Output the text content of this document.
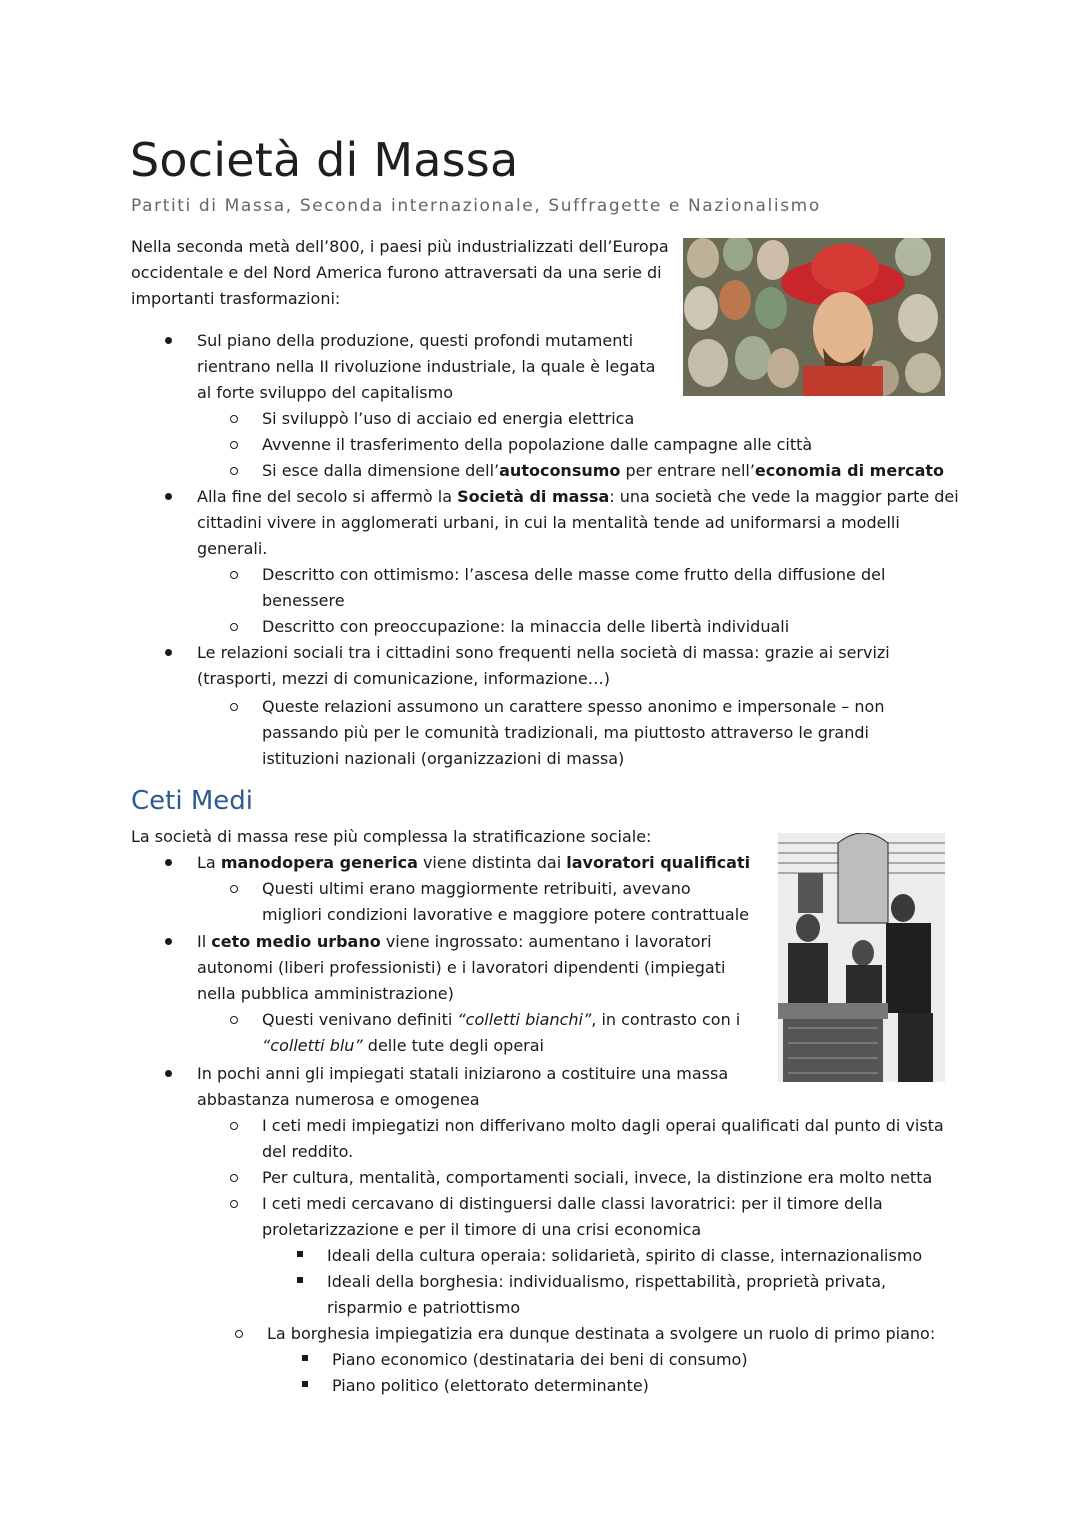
Società di Massa

Partiti di Massa, Seconda internazionale, Suffragette e Nazionalismo

Nella seconda metà dell’800, i paesi più industrializzati dell’Europa occidentale e del Nord America furono attraversati da una serie di importanti trasformazioni:

Sul piano della produzione, questi profondi mutamenti
rientrano nella II rivoluzione industriale, la quale è legata
al forte sviluppo del capitalismo
Si sviluppò l’uso di acciaio ed energia elettrica
Avvenne il trasferimento della popolazione dalle campagne alle città
Si esce dalla dimensione dell’autoconsumo per entrare nell’economia di mercato
Alla fine del secolo si affermò la Società di massa: una società che vede la maggior parte dei
cittadini vivere in agglomerati urbani, in cui la mentalità tende ad uniformarsi a modelli
generali.
Descritto con ottimismo: l’ascesa delle masse come frutto della diffusione del
benessere
Descritto con preoccupazione: la minaccia delle libertà individuali
Le relazioni sociali tra i cittadini sono frequenti nella società di massa: grazie ai servizi
(trasporti, mezzi di comunicazione, informazione…)
Queste relazioni assumono un carattere spesso anonimo e impersonale – non
passando più per le comunità tradizionali, ma piuttosto attraverso le grandi
istituzioni nazionali (organizzazioni di massa)
Ceti Medi

La società di massa rese più complessa la stratificazione sociale:

La manodopera generica viene distinta dai lavoratori qualificati
Questi ultimi erano maggiormente retribuiti, avevano
migliori condizioni lavorative e maggiore potere contrattuale
Il ceto medio urbano viene ingrossato: aumentano i lavoratori
autonomi (liberi professionisti) e i lavoratori dipendenti (impiegati
nella pubblica amministrazione)
Questi venivano definiti “colletti bianchi”, in contrasto con i
“colletti blu” delle tute degli operai
In pochi anni gli impiegati statali iniziarono a costituire una massa
abbastanza numerosa e omogenea
I ceti medi impiegatizi non differivano molto dagli operai qualificati dal punto di vista
del reddito.
Per cultura, mentalità, comportamenti sociali, invece, la distinzione era molto netta
I ceti medi cercavano di distinguersi dalle classi lavoratrici: per il timore della
proletarizzazione e per il timore di una crisi economica
Ideali della cultura operaia: solidarietà, spirito di classe, internazionalismo
Ideali della borghesia: individualismo, rispettabilità, proprietà privata,
risparmio e patriottismo
La borghesia impiegatizia era dunque destinata a svolgere un ruolo di primo piano:
Piano economico (destinataria dei beni di consumo)
Piano politico (elettorato determinante)
